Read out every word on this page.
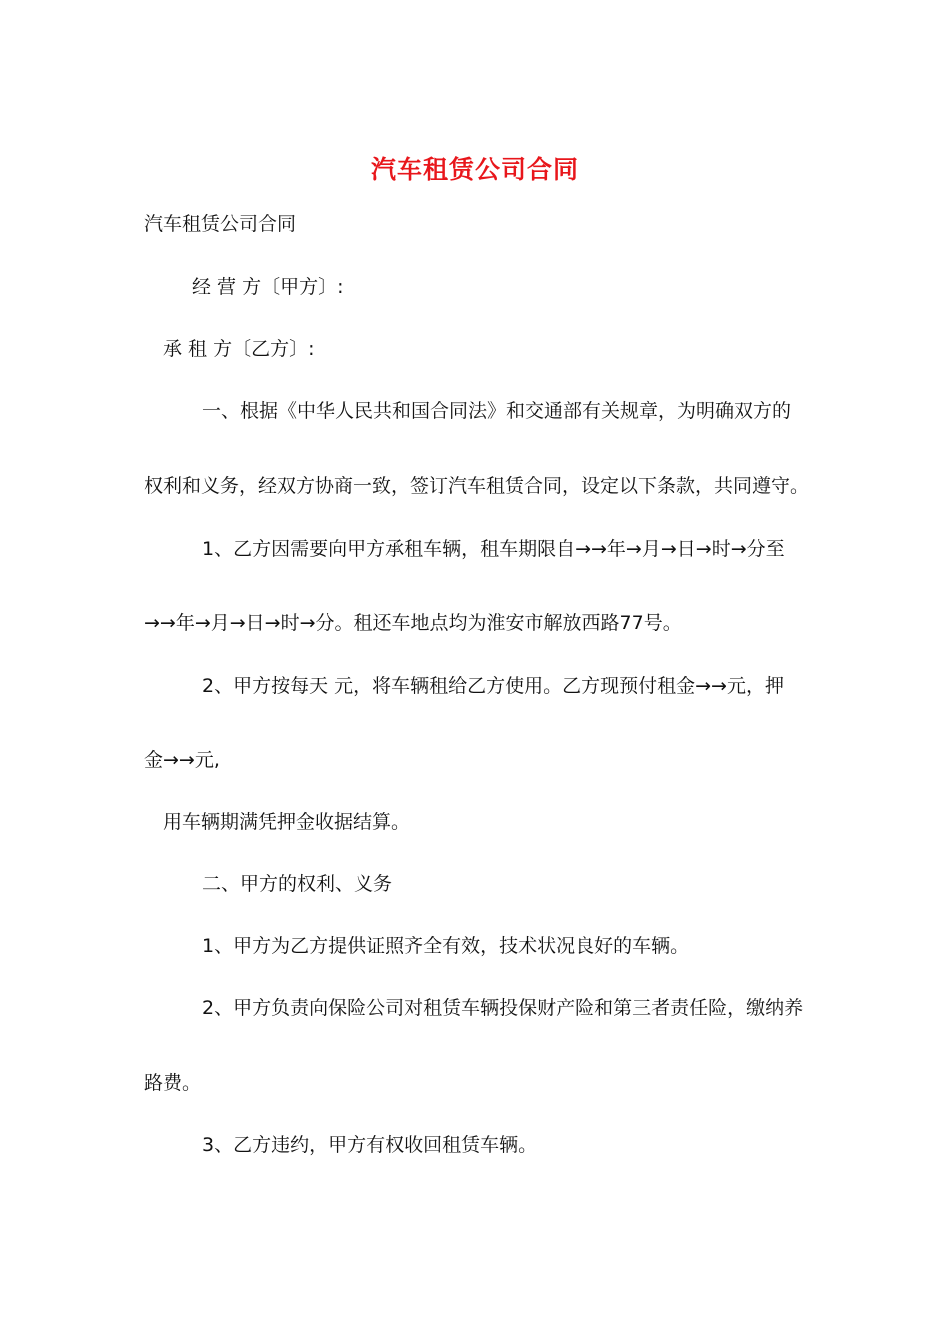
汽车租赁公司合同
汽车租赁公司合同
经 营 方〔甲方〕:
承 租 方〔乙方〕:
一、根据《中华人民共和国合同法》和交通部有关规章，为明确双方的
权利和义务，经双方协商一致，签订汽车租赁合同，设定以下条款，共同遵守。
1、乙方因需要向甲方承租车辆，租车期限自→→年→月→日→时→分至
→→年→月→日→时→分。租还车地点均为淮安市解放西路77号。
2、甲方按每天 元，将车辆租给乙方使用。乙方现预付租金→→元，押
金→→元,
用车辆期满凭押金收据结算。
二、甲方的权利、义务
1、甲方为乙方提供证照齐全有效，技术状况良好的车辆。
2、甲方负责向保险公司对租赁车辆投保财产险和第三者责任险，缴纳养
路费。
3、乙方违约，甲方有权收回租赁车辆。
